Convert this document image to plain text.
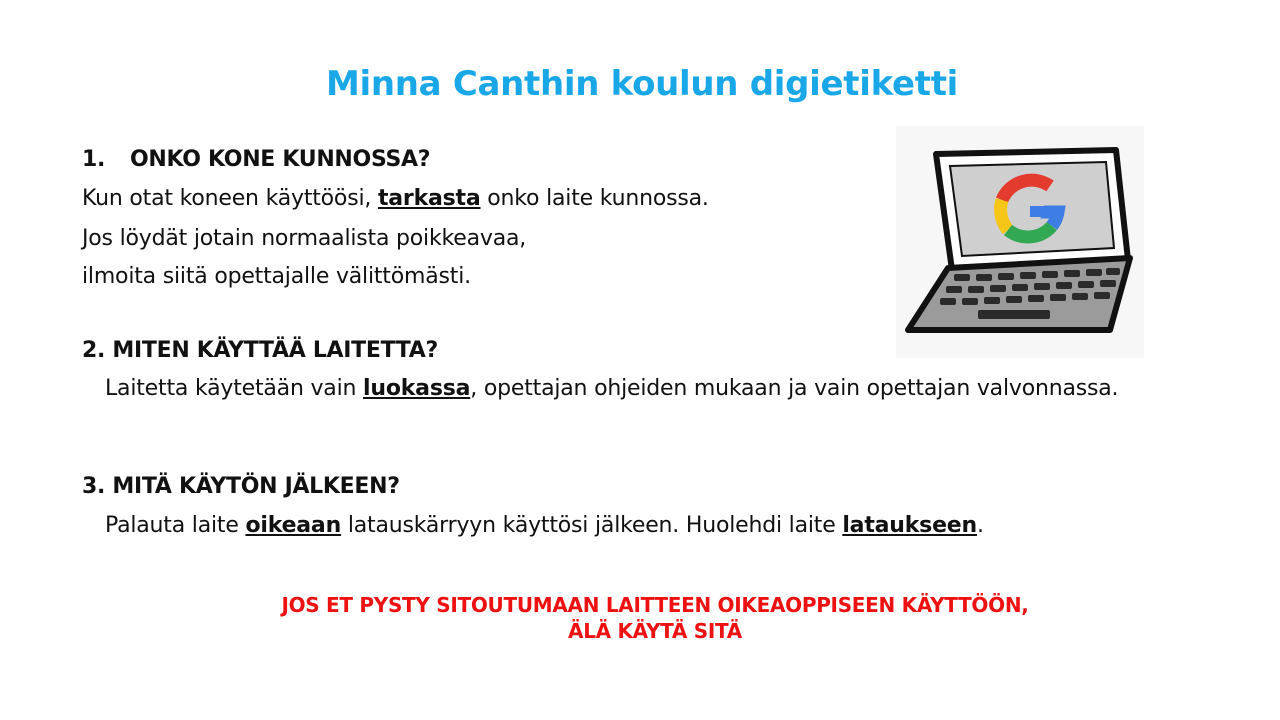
Minna Canthin koulun digietiketti
1. ONKO KONE KUNNOSSA?
Kun otat koneen käyttöösi, tarkasta onko laite kunnossa.
Jos löydät jotain normaalista poikkeavaa,
ilmoita siitä opettajalle välittömästi.
2. MITEN KÄYTTÄÄ LAITETTA?
Laitetta käytetään vain luokassa, opettajan ohjeiden mukaan ja vain opettajan valvonnassa.
3. MITÄ KÄYTÖN JÄLKEEN?
Palauta laite oikeaan latauskärryyn käyttösi jälkeen. Huolehdi laite lataukseen.
JOS ET PYSTY SITOUTUMAAN LAITTEEN OIKEAOPPISEEN KÄYTTÖÖN,
ÄLÄ KÄYTÄ SITÄ
